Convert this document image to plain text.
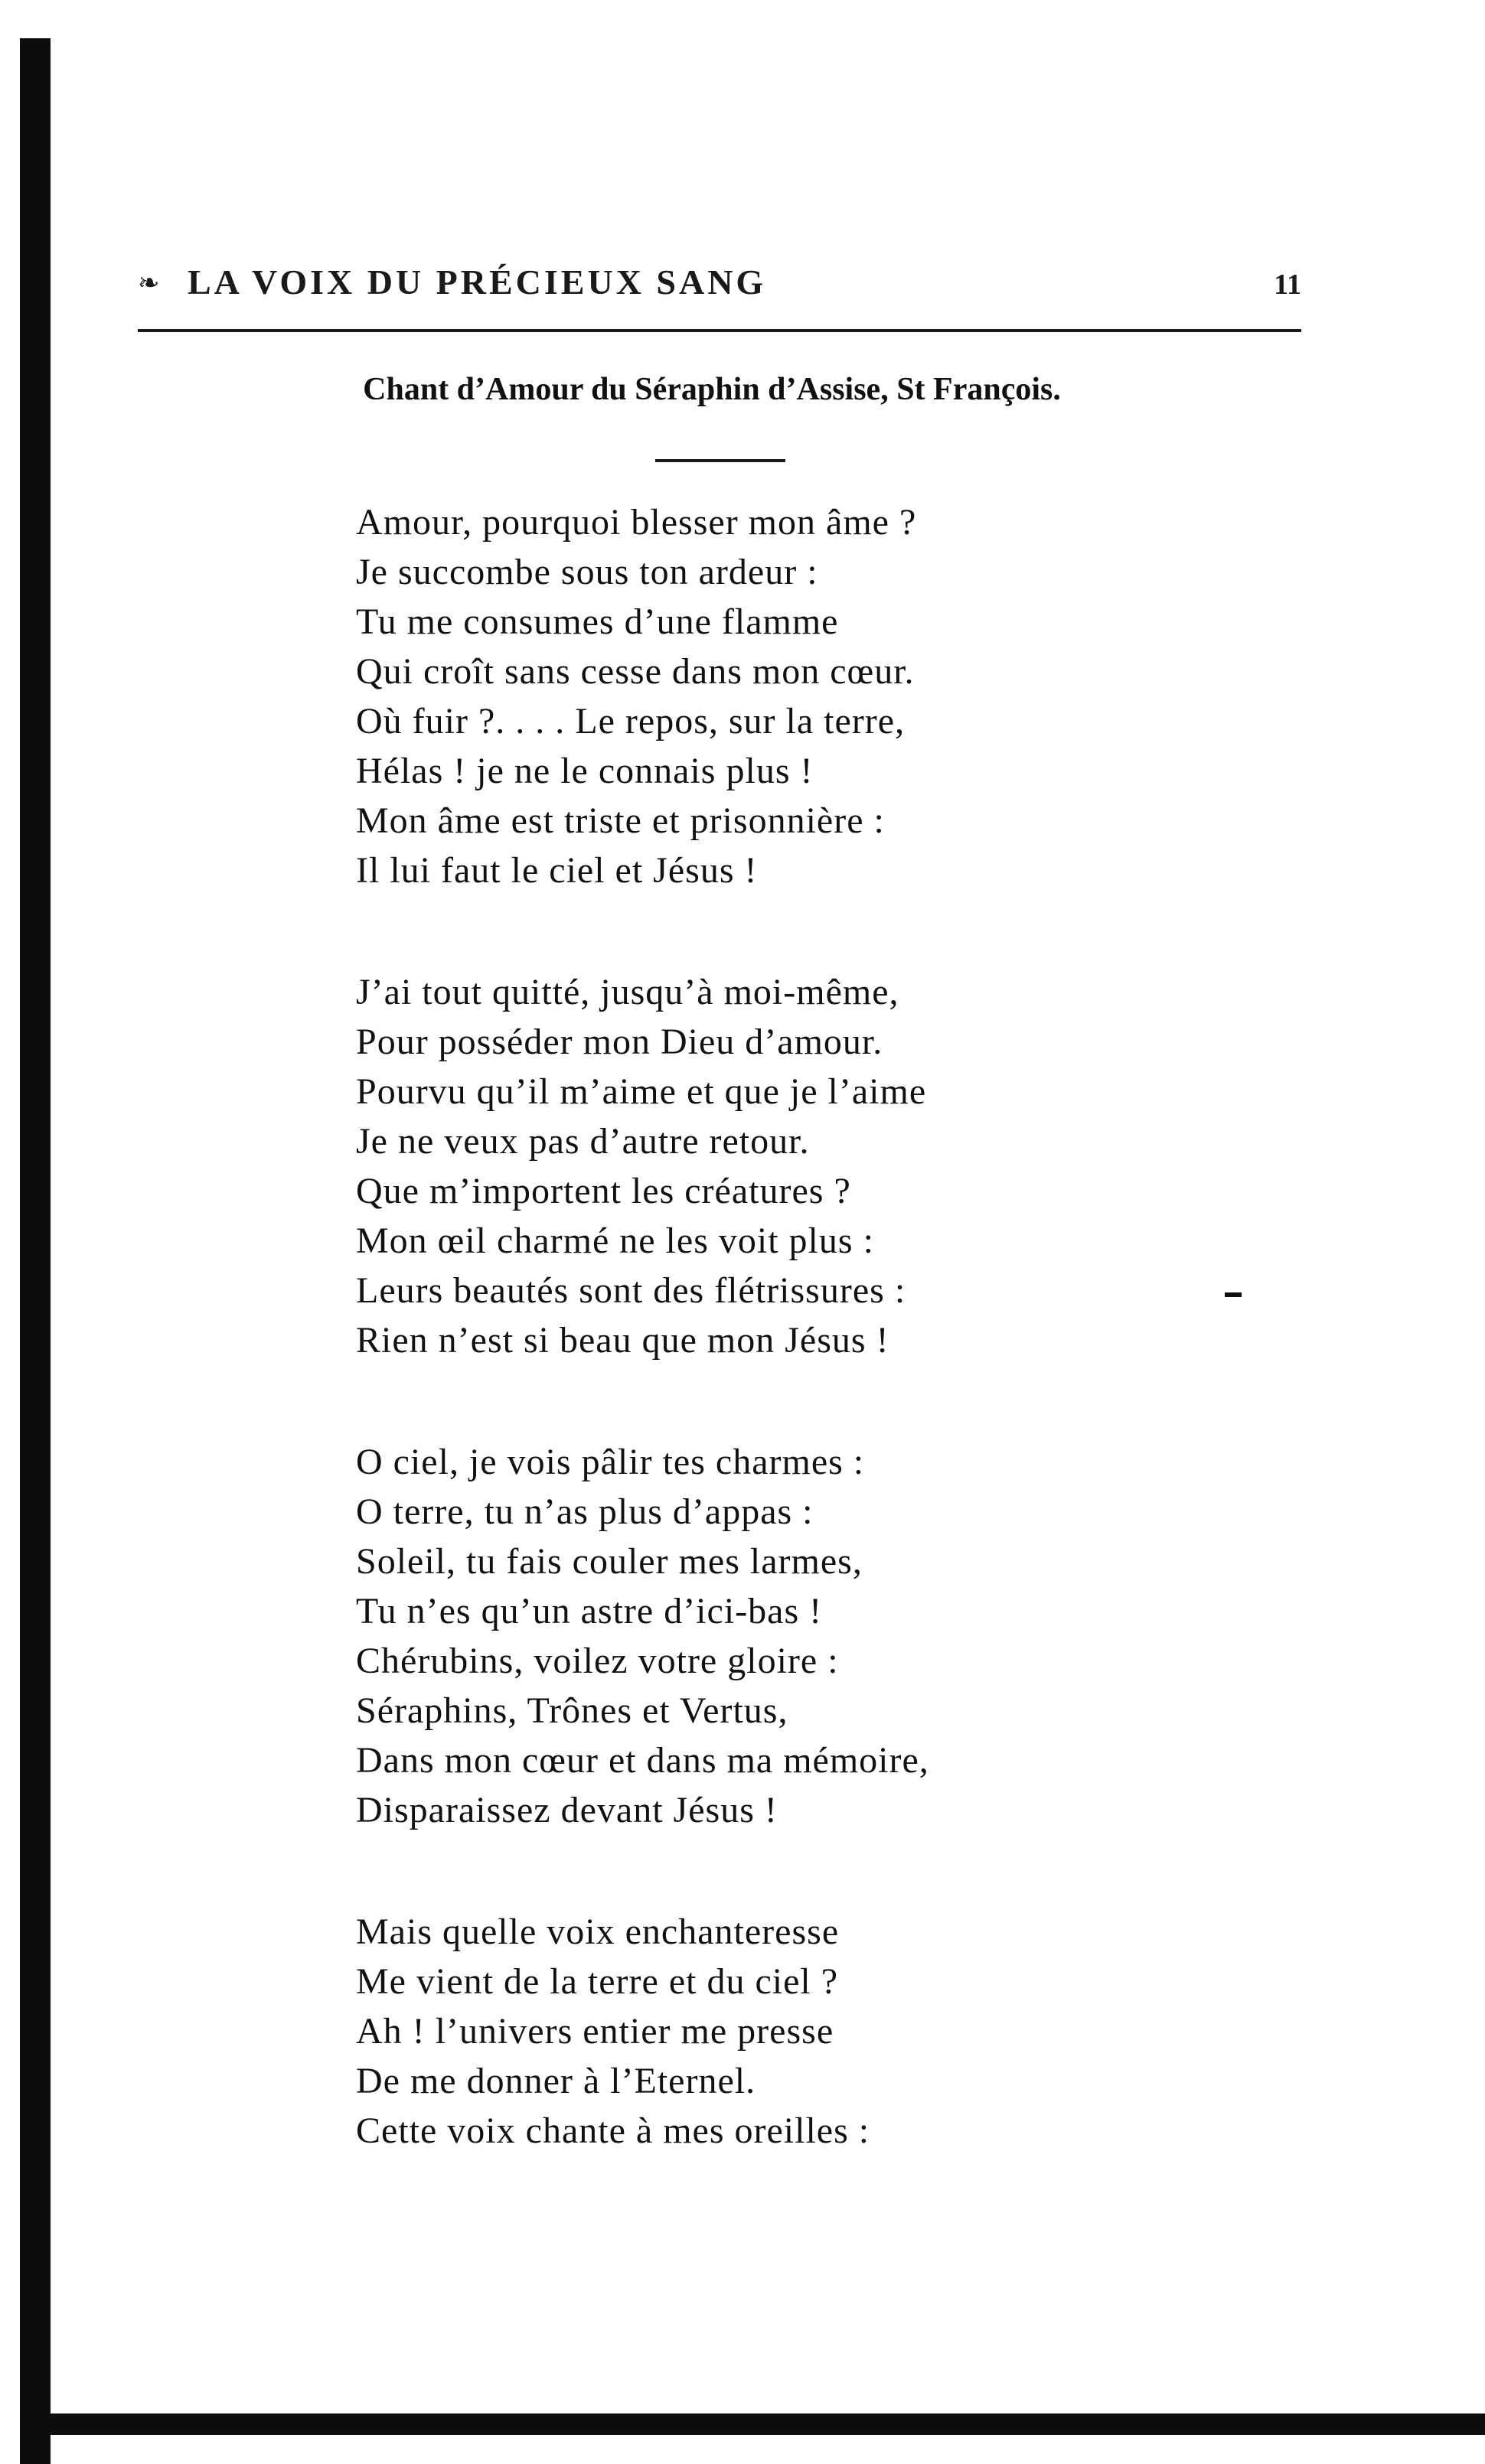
❧ LA VOIX DU PRÉCIEUX SANG	11
Chant d’Amour du Séraphin d’Assise, St François.
Amour, pourquoi blesser mon âme ?
Je succombe sous ton ardeur :
Tu me consumes d’une flamme
Qui croît sans cesse dans mon cœur.
Où fuir ?. . . . Le repos, sur la terre,
Hélas ! je ne le connais plus !
Mon âme est triste et prisonnière :
Il lui faut le ciel et Jésus !
J’ai tout quitté, jusqu’à moi-même,
Pour posséder mon Dieu d’amour.
Pourvu qu’il m’aime et que je l’aime
Je ne veux pas d’autre retour.
Que m’importent les créatures ?
Mon œil charmé ne les voit plus :
Leurs beautés sont des flétrissures :
Rien n’est si beau que mon Jésus !
O ciel, je vois pâlir tes charmes :
O terre, tu n’as plus d’appas :
Soleil, tu fais couler mes larmes,
Tu n’es qu’un astre d’ici-bas !
Chérubins, voilez votre gloire :
Séraphins, Trônes et Vertus,
Dans mon cœur et dans ma mémoire,
Disparaissez devant Jésus !
Mais quelle voix enchanteresse
Me vient de la terre et du ciel ?
Ah ! l’univers entier me presse
De me donner à l’Eternel.
Cette voix chante à mes oreilles :
